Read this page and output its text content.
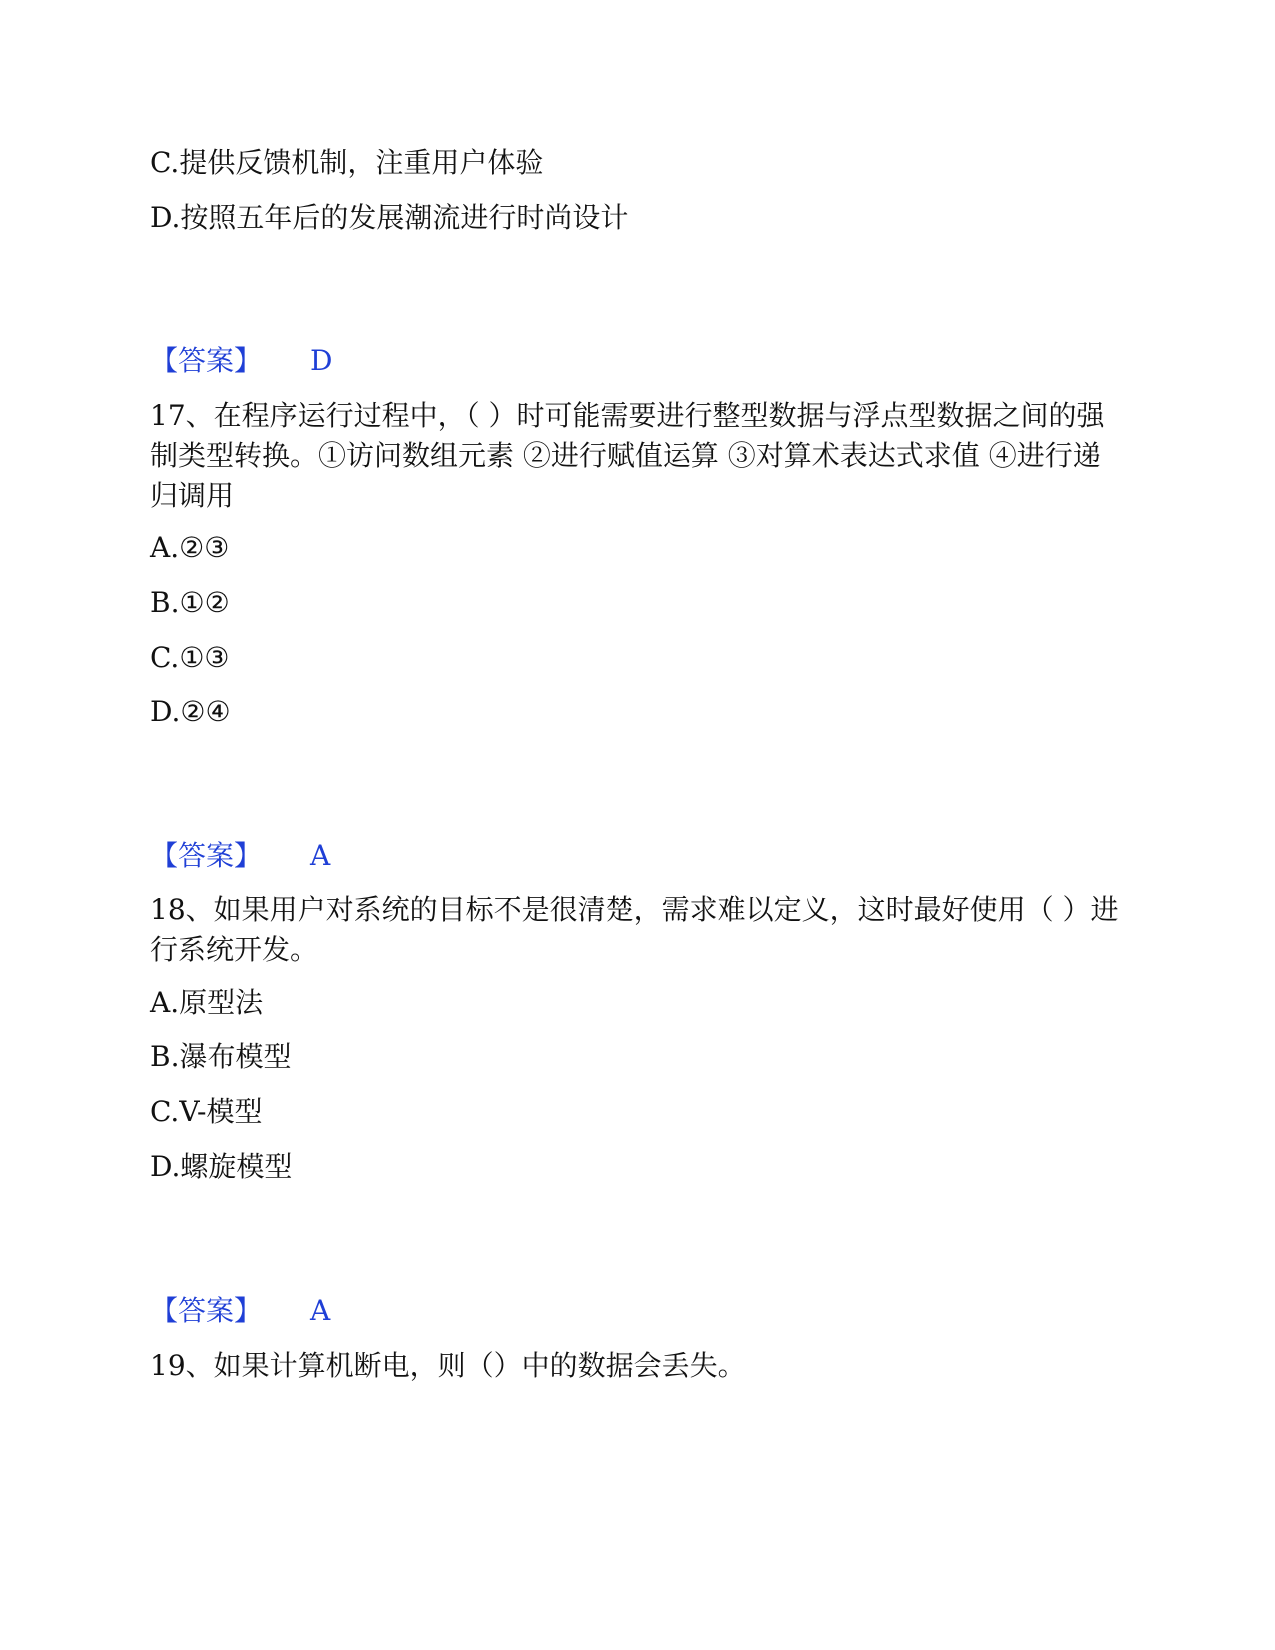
C.提供反馈机制，注重用户体验
D.按照五年后的发展潮流进行时尚设计
【答案】 D
17、在程序运行过程中，（ ）时可能需要进行整型数据与浮点型数据之间的强制类型转换。①访问数组元素 ②进行赋值运算 ③对算术表达式求值 ④进行递归调用
A.②③
B.①②
C.①③
D.②④
【答案】 A
18、如果用户对系统的目标不是很清楚，需求难以定义，这时最好使用（ ）进行系统开发。
A.原型法
B.瀑布模型
C.V-模型
D.螺旋模型
【答案】 A
19、如果计算机断电，则（）中的数据会丢失。
